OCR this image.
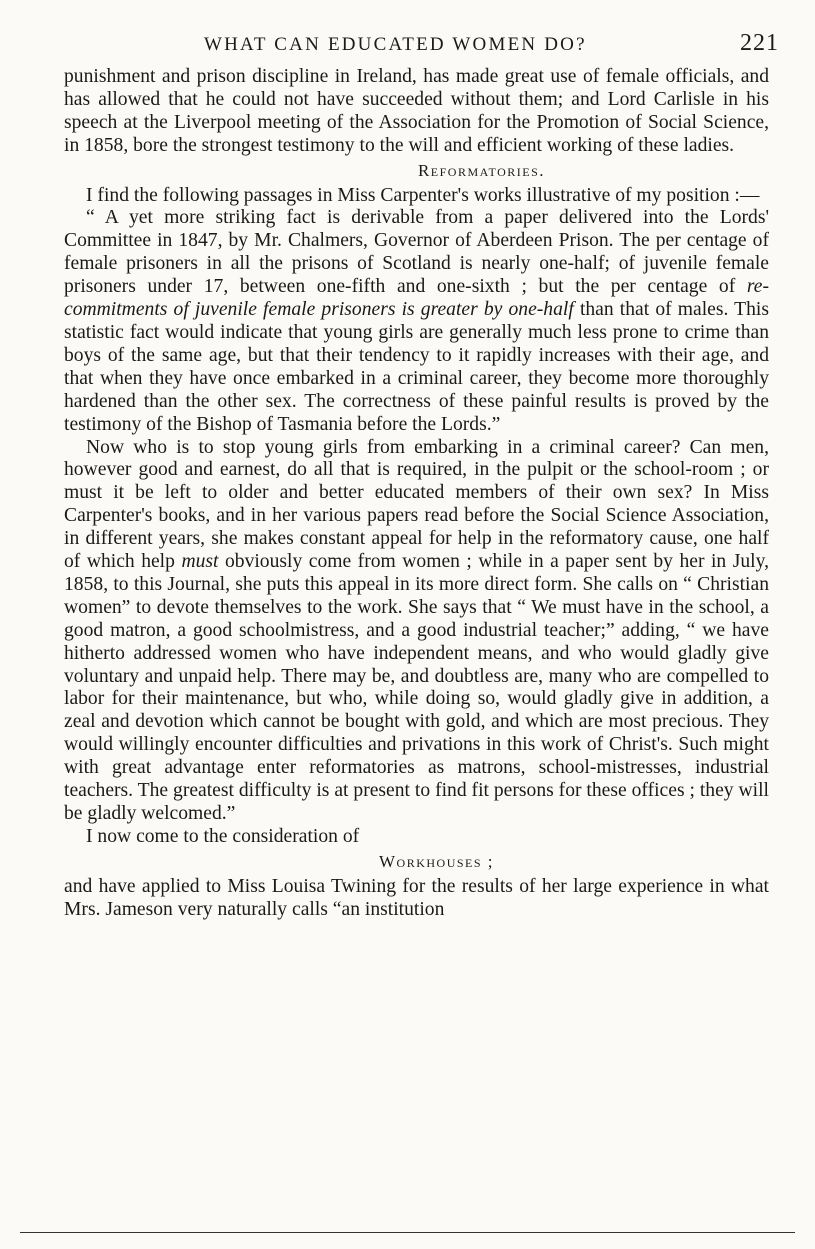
WHAT CAN EDUCATED WOMEN DO?	221

punishment and prison discipline in Ireland, has made great use of female officials, and has allowed that he could not have succeeded without them; and Lord Carlisle in his speech at the Liverpool meeting of the Association for the Promotion of Social Science, in 1858, bore the strongest testimony to the will and efficient working of these ladies.

Reformatories.

I find the following passages in Miss Carpenter's works illustrative of my position :—

“ A yet more striking fact is derivable from a paper delivered into the Lords' Committee in 1847, by Mr. Chalmers, Governor of Aberdeen Prison. The per centage of female prisoners in all the prisons of Scotland is nearly one-half; of juvenile female prisoners under 17, between one-fifth and one-sixth ; but the per centage of re-commitments of juvenile female prisoners is greater by one-half than that of males. This statistic fact would indicate that young girls are generally much less prone to crime than boys of the same age, but that their tendency to it rapidly increases with their age, and that when they have once embarked in a criminal career, they become more thoroughly hardened than the other sex. The correctness of these painful results is proved by the testimony of the Bishop of Tasmania before the Lords.”

Now who is to stop young girls from embarking in a criminal career? Can men, however good and earnest, do all that is required, in the pulpit or the school-room ; or must it be left to older and better educated members of their own sex? In Miss Carpenter's books, and in her various papers read before the Social Science Association, in different years, she makes constant appeal for help in the reformatory cause, one half of which help must obviously come from women ; while in a paper sent by her in July, 1858, to this Journal, she puts this appeal in its more direct form. She calls on “ Christian women” to devote themselves to the work. She says that “ We must have in the school, a good matron, a good schoolmistress, and a good industrial teacher;” adding, “ we have hitherto addressed women who have independent means, and who would gladly give voluntary and unpaid help. There may be, and doubtless are, many who are compelled to labor for their maintenance, but who, while doing so, would gladly give in addition, a zeal and devotion which cannot be bought with gold, and which are most precious. They would willingly encounter difficulties and privations in this work of Christ's. Such might with great advantage enter reformatories as matrons, school-mistresses, industrial teachers. The greatest difficulty is at present to find fit persons for these offices ; they will be gladly welcomed.”

I now come to the consideration of

Workhouses ;

and have applied to Miss Louisa Twining for the results of her large experience in what Mrs. Jameson very naturally calls “an institution
